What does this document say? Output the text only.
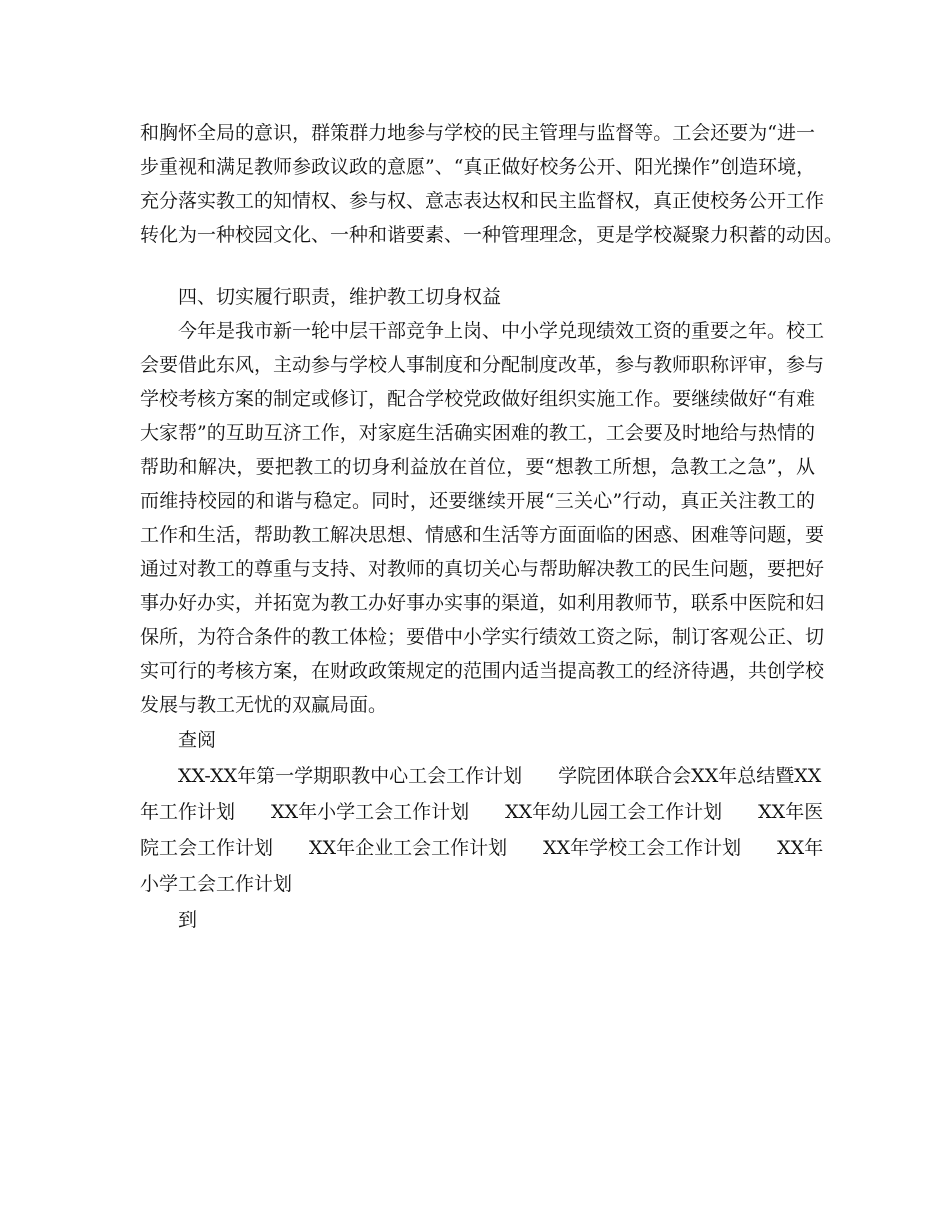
和胸怀全局的意识，群策群力地参与学校的民主管理与监督等。工会还要为“进一
步重视和满足教师参政议政的意愿”、“真正做好校务公开、阳光操作”创造环境，
充分落实教工的知情权、参与权、意志表达权和民主监督权，真正使校务公开工作
转化为一种校园文化、一种和谐要素、一种管理理念，更是学校凝聚力积蓄的动因。
四、切实履行职责，维护教工切身权益
今年是我市新一轮中层干部竞争上岗、中小学兑现绩效工资的重要之年。校工
会要借此东风，主动参与学校人事制度和分配制度改革，参与教师职称评审，参与
学校考核方案的制定或修订，配合学校党政做好组织实施工作。要继续做好“有难
大家帮”的互助互济工作，对家庭生活确实困难的教工，工会要及时地给与热情的
帮助和解决，要把教工的切身利益放在首位，要“想教工所想，急教工之急”，从
而维持校园的和谐与稳定。同时，还要继续开展“三关心”行动，真正关注教工的
工作和生活，帮助教工解决思想、情感和生活等方面面临的困惑、困难等问题，要
通过对教工的尊重与支持、对教师的真切关心与帮助解决教工的民生问题，要把好
事办好办实，并拓宽为教工办好事办实事的渠道，如利用教师节，联系中医院和妇
保所，为符合条件的教工体检；要借中小学实行绩效工资之际，制订客观公正、切
实可行的考核方案，在财政政策规定的范围内适当提高教工的经济待遇，共创学校
发展与教工无忧的双赢局面。
查阅
XX-XX年第一学期职教中心工会工作计划 学院团体联合会XX年总结暨XX
年工作计划 XX年小学工会工作计划 XX年幼儿园工会工作计划 XX年医
院工会工作计划 XX年企业工会工作计划 XX年学校工会工作计划 XX年
小学工会工作计划
到
